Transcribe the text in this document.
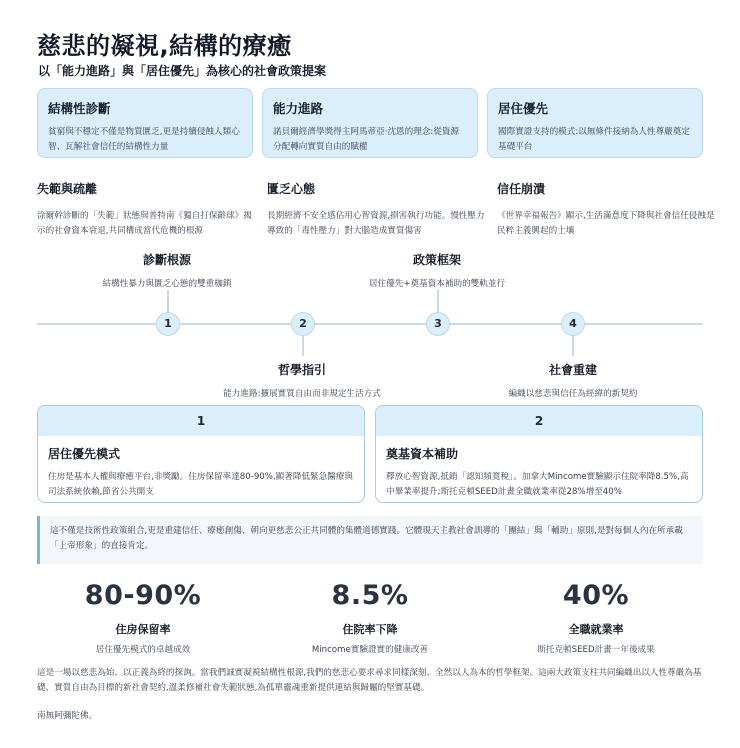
慈悲的凝視,結構的療癒
以「能力進路」與「居住優先」為核心的社會政策提案
結構性診斷
貧窮與不穩定不僅是物質匱乏,更是持續侵蝕人類心智、瓦解社會信任的結構性力量
能力進路
諾貝爾經濟學獎得主阿馬蒂亞·沈恩的理念:從資源分配轉向實質自由的賦權
居住優先
國際實證支持的模式:以無條件接納為人性尊嚴奠定基礎平台
失範與疏離
涂爾幹診斷的「失範」狀態與普特南《獨自打保齡球》揭示的社會資本衰退,共同構成當代危機的根源
匱乏心態
長期經濟不安全感佔用心智資源,損害執行功能。慢性壓力導致的「毒性壓力」對大腦造成實質傷害
信任崩潰
《世界幸福報告》顯示,生活滿意度下降與社會信任侵蝕是民粹主義興起的土壤
診斷根源
結構性暴力與匱乏心態的雙重枷鎖
政策框架
居住優先+奠基資本補助的雙軌並行
哲學指引
能力進路:擴展實質自由而非規定生活方式
社會重建
編織以慈悲與信任為經緯的新契約
1	2	3	4
1
居住優先模式
住房是基本人權與療癒平台,非獎勵。住房保留率達80-90%,顯著降低緊急醫療與司法系統依賴,節省公共開支
2
奠基資本補助
釋放心智資源,抵銷「認知頻寬稅」。加拿大Mincome實驗顯示住院率降8.5%,高中畢業率提升;斯托克頓SEED計畫全職就業率從28%增至40%
這不僅是技術性政策組合,更是重建信任、療癒創傷、朝向更慈悲公正共同體的集體道德實踐。它體現天主教社會訓導的「團結」與「輔助」原則,是對每個人內在所承載「上帝形象」的直接肯定。
80-90%
住房保留率
居住優先模式的卓越成效
8.5%
住院率下降
Mincome實驗證實的健康改善
40%
全職就業率
斯托克頓SEED計畫一年後成果
這是一場以慈悲為始、以正義為終的探詢。當我們誠實凝視結構性根源,我們的慈悲心要求尋求同樣深刻、全然以人為本的哲學框架。這兩大政策支柱共同編織出以人性尊嚴為基礎、實質自由為目標的新社會契約,溫柔修補社會失範狀態,為孤單靈魂重新提供連結與歸屬的堅實基礎。
南無阿彌陀佛。
